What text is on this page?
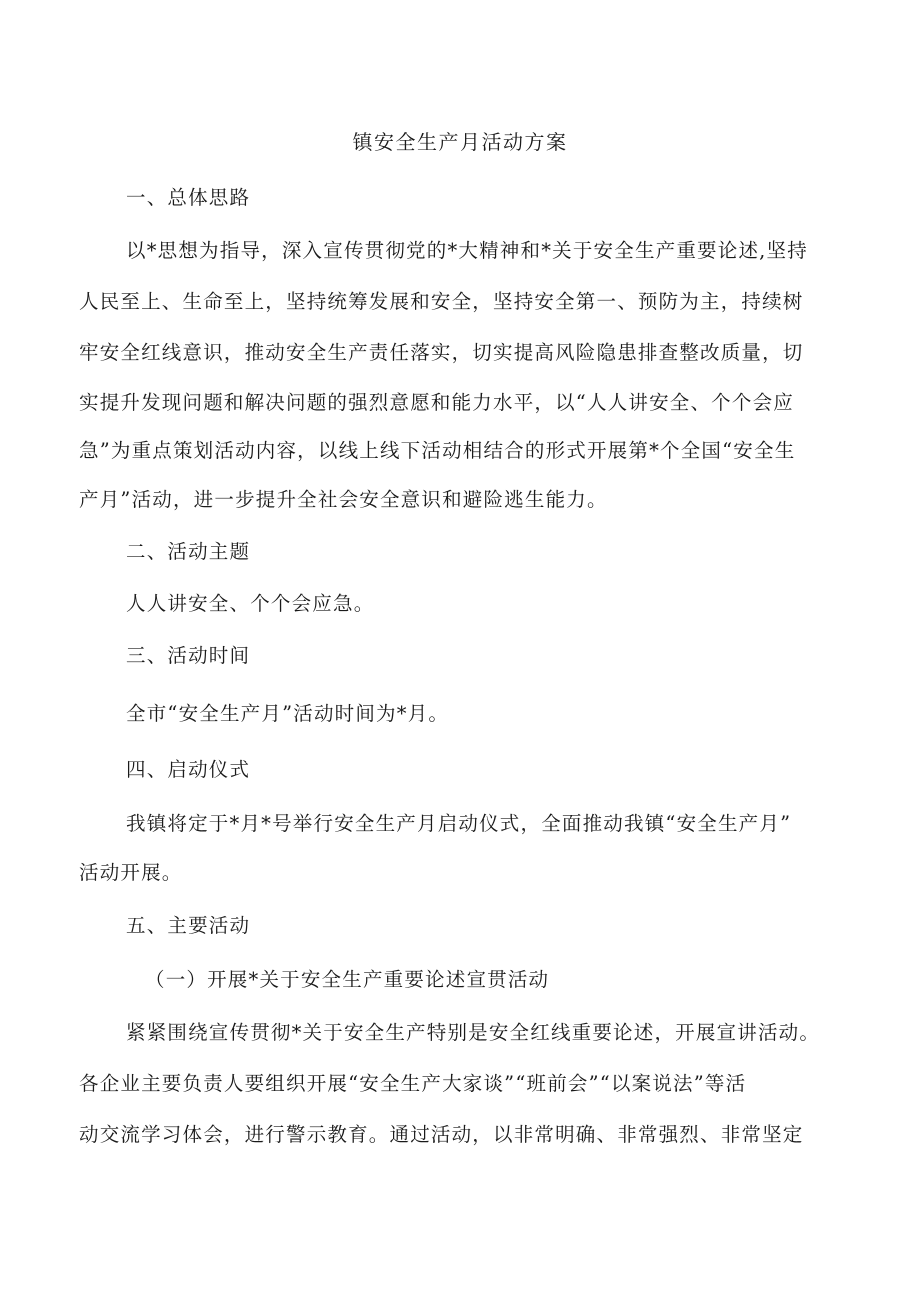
镇安全生产月活动方案
一、总体思路
以*思想为指导，深入宣传贯彻党的*大精神和*关于安全生产重要论述,坚持
人民至上、生命至上，坚持统筹发展和安全，坚持安全第一、预防为主，持续树
牢安全红线意识，推动安全生产责任落实，切实提高风险隐患排查整改质量，切
实提升发现问题和解决问题的强烈意愿和能力水平，以“人人讲安全、个个会应
急”为重点策划活动内容，以线上线下活动相结合的形式开展第*个全国“安全生
产月”活动，进一步提升全社会安全意识和避险逃生能力。
二、活动主题
人人讲安全、个个会应急。
三、活动时间
全市“安全生产月”活动时间为*月。
四、启动仪式
我镇将定于*月*号举行安全生产月启动仪式，全面推动我镇“安全生产月”
活动开展。
五、主要活动
（一）开展*关于安全生产重要论述宣贯活动
紧紧围绕宣传贯彻*关于安全生产特别是安全红线重要论述，开展宣讲活动。
各企业主要负责人要组织开展“安全生产大家谈”“班前会”“以案说法”等活
动交流学习体会，进行警示教育。通过活动，以非常明确、非常强烈、非常坚定
